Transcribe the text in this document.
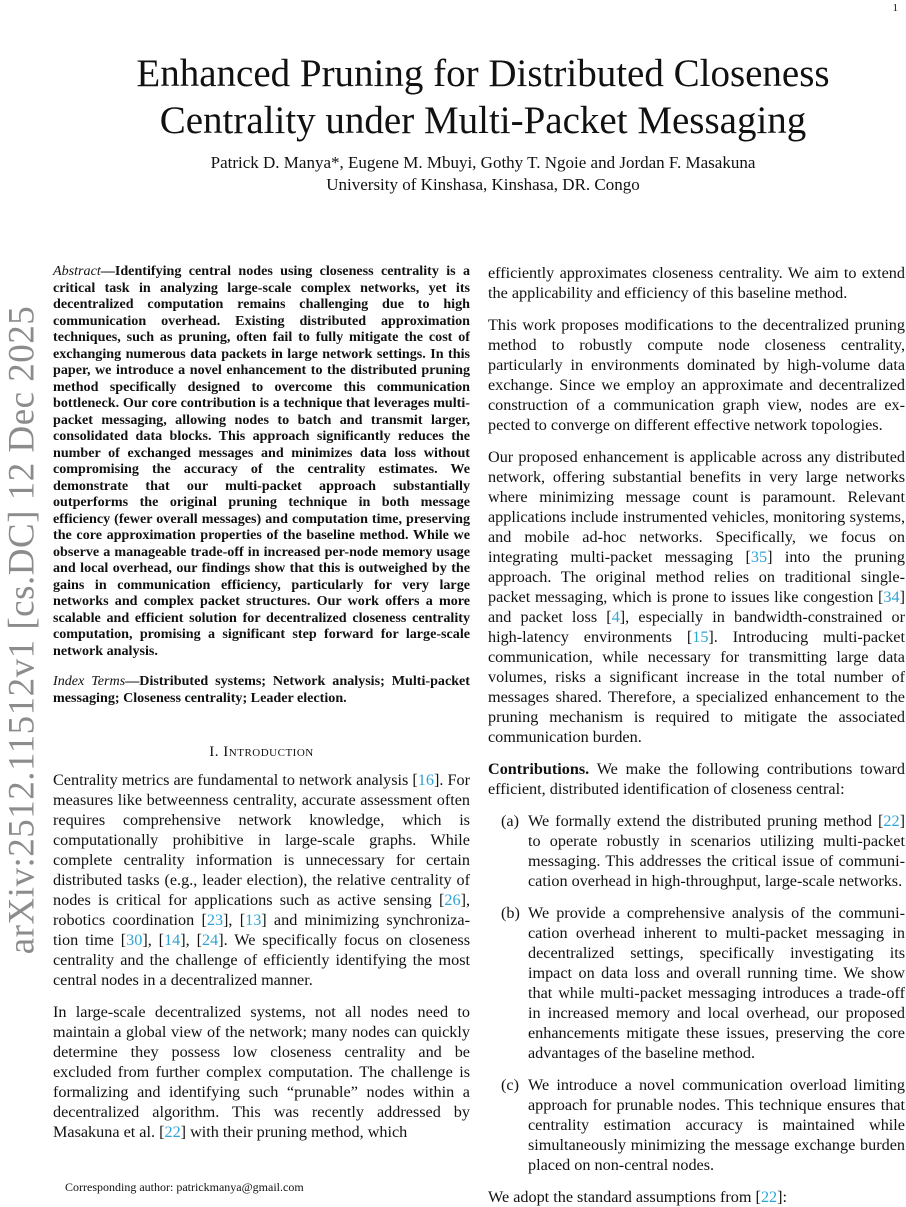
1
arXiv:2512.11512v1 [cs.DC] 12 Dec 2025
Enhanced Pruning for Distributed Closeness
Centrality under Multi-Packet Messaging
Patrick D. Manya*, Eugene M. Mbuyi, Gothy T. Ngoie and Jordan F. Masakuna
University of Kinshasa, Kinshasa, DR. Congo

Abstract—Identifying central nodes using closeness centrality is a critical task in analyzing large-scale complex networks, yet its decentralized computation remains challenging due to high communication overhead. Existing distributed approximation techniques, such as pruning, often fail to fully mitigate the cost of exchanging numerous data packets in large network settings. In this paper, we introduce a novel enhancement to the distributed pruning method specifically designed to overcome this communication bottleneck. Our core contribution is a technique that leverages multi-packet messaging, allowing nodes to batch and transmit larger, consolidated data blocks. This approach significantly reduces the number of exchanged messages and minimizes data loss without compromising the accuracy of the centrality estimates. We demonstrate that our multi-packet approach substantially outperforms the original pruning technique in both message efficiency (fewer overall messages) and computation time, preserving the core approximation properties of the baseline method. While we observe a manageable trade-off in increased per-node memory usage and local overhead, our findings show that this is outweighed by the gains in communication efficiency, particularly for very large networks and complex packet structures. Our work offers a more scalable and efficient solution for decentralized closeness centrality computation, promising a significant step forward for large-scale network analysis.

Index Terms—Distributed systems; Network analysis; Multi-packet messaging; Closeness centrality; Leader election.

I. Introduction

Centrality metrics are fundamental to network analysis [16]. For measures like betweenness centrality, accurate assessment often requires comprehensive network knowledge, which is computationally prohibitive in large-scale graphs. While complete centrality information is unnecessary for certain distributed tasks (e.g., leader election), the relative centrality of nodes is critical for applications such as active sensing [26], robotics coordination [23], [13] and minimizing synchronization time [30], [14], [24]. We specifically focus on closeness centrality and the challenge of efficiently identifying the most central nodes in a decentralized manner.

In large-scale decentralized systems, not all nodes need to maintain a global view of the network; many nodes can quickly determine they possess low closeness centrality and be excluded from further complex computation. The challenge is formalizing and identifying such “prunable” nodes within a decentralized algorithm. This was recently addressed by Masakuna et al. [22] with their pruning method, which

efficiently approximates closeness centrality. We aim to extend the applicability and efficiency of this baseline method.

This work proposes modifications to the decentralized pruning method to robustly compute node closeness centrality, particularly in environments dominated by high-volume data exchange. Since we employ an approximate and decentralized construction of a communication graph view, nodes are expected to converge on different effective network topologies.

Our proposed enhancement is applicable across any distributed network, offering substantial benefits in very large networks where minimizing message count is paramount. Relevant applications include instrumented vehicles, monitoring systems, and mobile ad-hoc networks. Specifically, we focus on integrating multi-packet messaging [35] into the pruning approach. The original method relies on traditional single-packet messaging, which is prone to issues like congestion [34] and packet loss [4], especially in bandwidth-constrained or high-latency environments [15]. Introducing multi-packet communication, while necessary for transmitting large data volumes, risks a significant increase in the total number of messages shared. Therefore, a specialized enhancement to the pruning mechanism is required to mitigate the associated communication burden.

Contributions. We make the following contributions toward efficient, distributed identification of closeness central:

(a) We formally extend the distributed pruning method [22] to operate robustly in scenarios utilizing multi-packet messaging. This addresses the critical issue of communication overhead in high-throughput, large-scale networks.
(b) We provide a comprehensive analysis of the communication overhead inherent to multi-packet messaging in decentralized settings, specifically investigating its impact on data loss and overall running time. We show that while multi-packet messaging introduces a trade-off in increased memory and local overhead, our proposed enhancements mitigate these issues, preserving the core advantages of the baseline method.
(c) We introduce a novel communication overload limiting approach for prunable nodes. This technique ensures that centrality estimation accuracy is maintained while simultaneously minimizing the message exchange burden placed on non-central nodes.

We adopt the standard assumptions from [22]:

Corresponding author: patrickmanya@gmail.com
